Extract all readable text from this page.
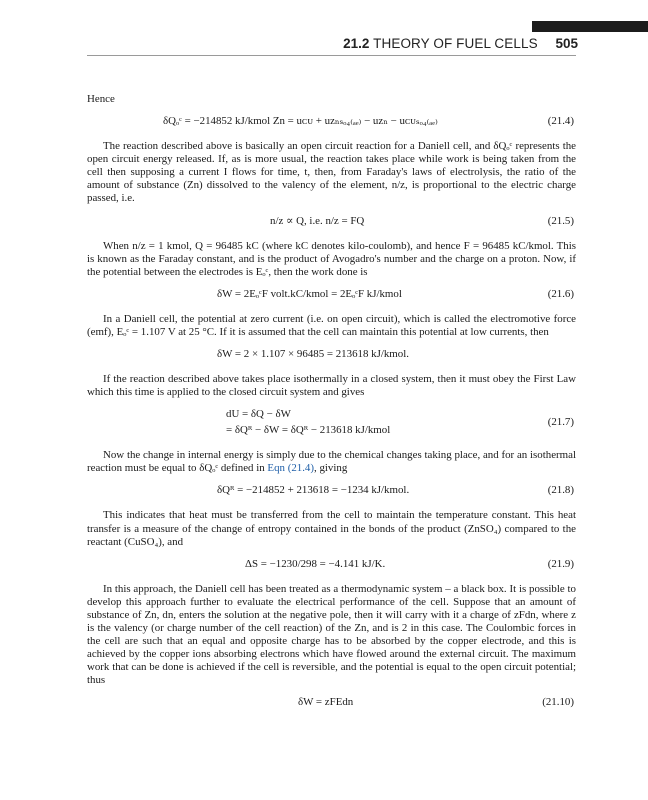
21.2 THEORY OF FUEL CELLS 505

Hence

δQₒᶜ = −214852 kJ/kmol Zn = uᴄᴜ + uᴢₙₛₒ₄₍ₐₑ₎ − uᴢₙ − uᴄᴜₛₒ₄₍ₐₑ₎	(21.4)

The reaction described above is basically an open circuit reaction for a Daniell cell, and δQₒᶜ represents the open circuit energy released. If, as is more usual, the reaction takes place while work is being taken from the cell then supposing a current I flows for time, t, then, from Faraday's laws of electrolysis, the ratio of the amount of substance (Zn) dissolved to the valency of the element, n/z, is proportional to the electric charge passed, i.e.

n/z ∝ Q, i.e. n/z = FQ	(21.5)

When n/z = 1 kmol, Q = 96485 kC (where kC denotes kilo-coulomb), and hence F = 96485 kC/kmol. This is known as the Faraday constant, and is the product of Avogadro's number and the charge on a proton. Now, if the potential between the electrodes is Eₒᶜ, then the work done is

δW = 2EₒᶜF volt.kC/kmol = 2EₒᶜF kJ/kmol	(21.6)

In a Daniell cell, the potential at zero current (i.e. on open circuit), which is called the electromotive force (emf), Eₒᶜ = 1.107 V at 25 °C. If it is assumed that the cell can maintain this potential at low currents, then

δW = 2 × 1.107 × 96485 = 213618 kJ/kmol.

If the reaction described above takes place isothermally in a closed system, then it must obey the First Law which this time is applied to the closed circuit system and gives

dU = δQ − δW
= δQᴿ − δW = δQᴿ − 213618 kJ/kmol
(21.7)

Now the change in internal energy is simply due to the chemical changes taking place, and for an isothermal reaction must be equal to δQₒᶜ defined in Eqn (21.4), giving

δQᴿ = −214852 + 213618 = −1234 kJ/kmol.	(21.8)

This indicates that heat must be transferred from the cell to maintain the temperature constant. This heat transfer is a measure of the change of entropy contained in the bonds of the product (ZnSO₄) compared to the reactant (CuSO₄), and

ΔS = −1230/298 = −4.141 kJ/K.	(21.9)

In this approach, the Daniell cell has been treated as a thermodynamic system – a black box. It is possible to develop this approach further to evaluate the electrical performance of the cell. Suppose that an amount of substance of Zn, dn, enters the solution at the negative pole, then it will carry with it a charge of zFdn, where z is the valency (or charge number of the cell reaction) of the Zn, and is 2 in this case. The Coulombic forces in the cell are such that an equal and opposite charge has to be absorbed by the copper electrode, and this is achieved by the copper ions absorbing electrons which have flowed around the external circuit. The maximum work that can be done is achieved if the cell is reversible, and the potential is equal to the open circuit potential; thus

δW = zFEdn	(21.10)
